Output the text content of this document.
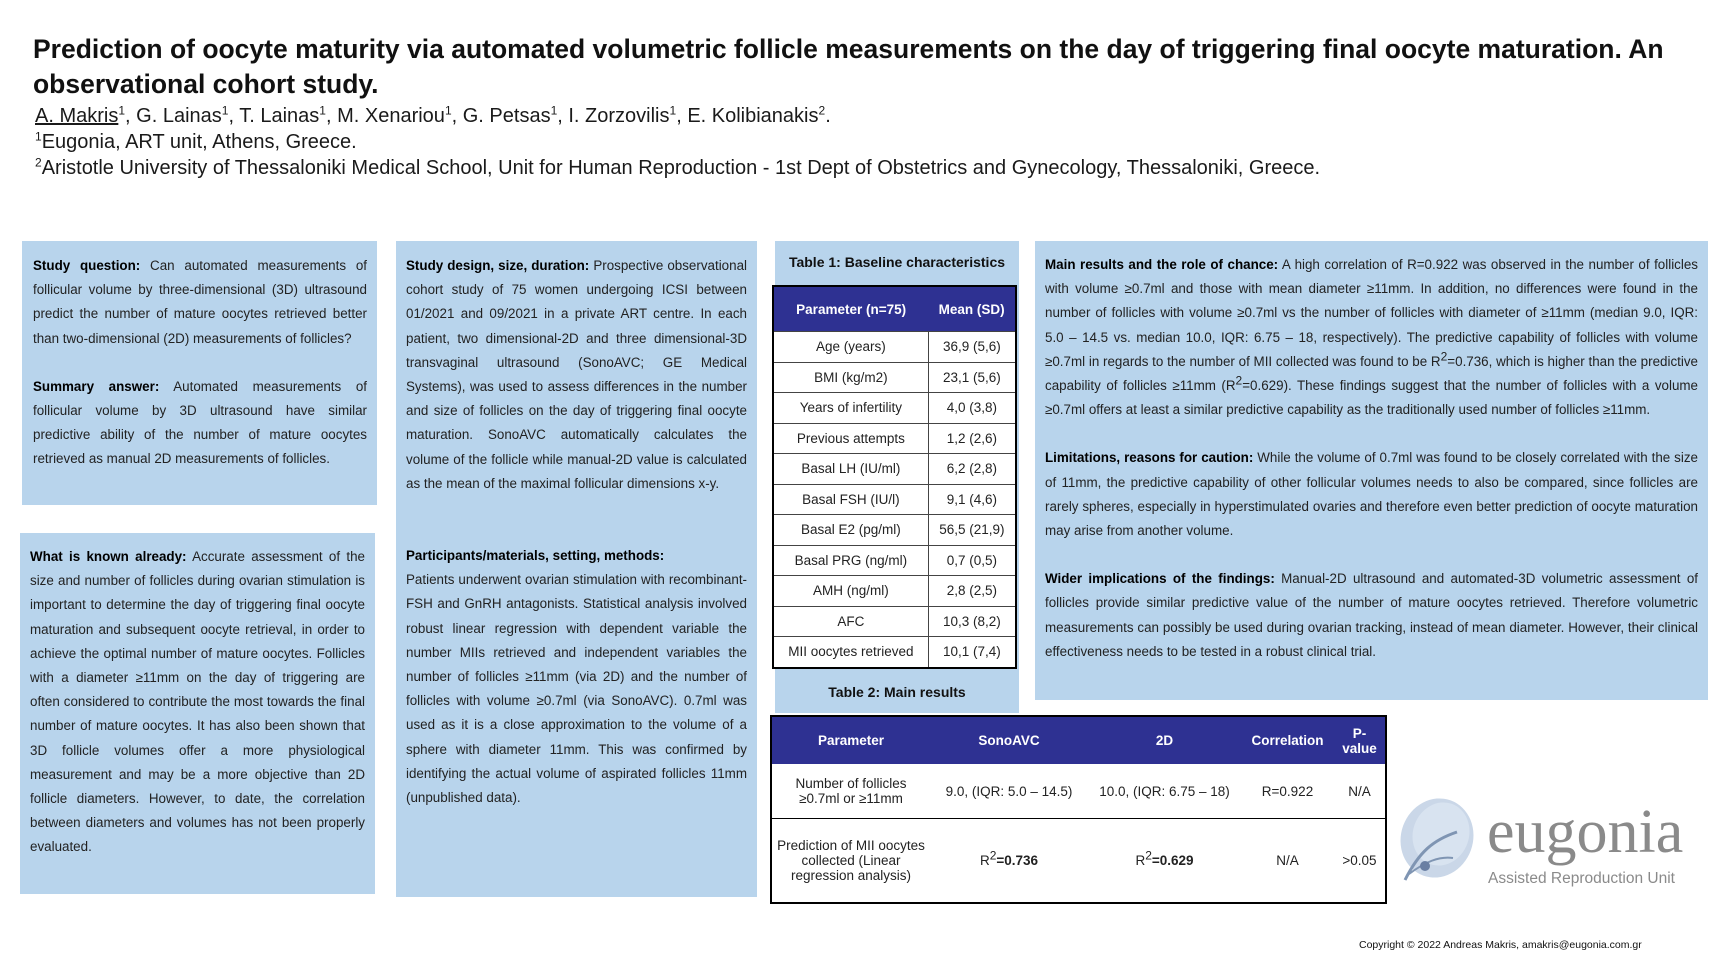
Prediction of oocyte maturity via automated volumetric follicle measurements on the day of triggering final oocyte maturation. An observational cohort study.
A. Makris$^1$, G. Lainas$^1$, T. Lainas$^1$, M. Xenariou$^1$, G. Petsas$^1$, I. Zorzovilis$^1$, E. Kolibianakis$^2$.
$^1$Eugonia, ART unit, Athens, Greece.
$^2$Aristotle University of Thessaloniki Medical School, Unit for Human Reproduction - 1st Dept of Obstetrics and Gynecology, Thessaloniki, Greece.

Study question: Can automated measurements of follicular volume by three-dimensional (3D) ultrasound predict the number of mature oocytes retrieved better than two-dimensional (2D) measurements of follicles?

Summary answer: Automated measurements of follicular volume by 3D ultrasound have similar predictive ability of the number of mature oocytes retrieved as manual 2D measurements of follicles.

What is known already: Accurate assessment of the size and number of follicles during ovarian stimulation is important to determine the day of triggering final oocyte maturation and subsequent oocyte retrieval, in order to achieve the optimal number of mature oocytes. Follicles with a diameter ≥11mm on the day of triggering are often considered to contribute the most towards the final number of mature oocytes. It has also been shown that 3D follicle volumes offer a more physiological measurement and may be a more objective than 2D follicle diameters. However, to date, the correlation between diameters and volumes has not been properly evaluated.

Study design, size, duration: Prospective observational cohort study of 75 women undergoing ICSI between 01/2021 and 09/2021 in a private ART centre. In each patient, two dimensional-2D and three dimensional-3D transvaginal ultrasound (SonoAVC; GE Medical Systems), was used to assess differences in the number and size of follicles on the day of triggering final oocyte maturation. SonoAVC automatically calculates the volume of the follicle while manual-2D value is calculated as the mean of the maximal follicular dimensions x-y.

Participants/materials, setting, methods:

Patients underwent ovarian stimulation with recombinant-FSH and GnRH antagonists. Statistical analysis involved robust linear regression with dependent variable the number MIIs retrieved and independent variables the number of follicles ≥11mm (via 2D) and the number of follicles with volume ≥0.7ml (via SonoAVC). 0.7ml was used as it is a close approximation to the volume of a sphere with diameter 11mm. This was confirmed by identifying the actual volume of aspirated follicles 11mm (unpublished data).

Table 1: Baseline characteristics
Parameter (n=75)	Mean (SD)
Age (years)	36,9 (5,6)
BMI (kg/m2)	23,1 (5,6)
Years of infertility	4,0 (3,8)
Previous attempts	1,2 (2,6)
Basal LH (IU/ml)	6,2 (2,8)
Basal FSH (IU/l)	9,1 (4,6)
Basal E2 (pg/ml)	56,5 (21,9)
Basal PRG (ng/ml)	0,7 (0,5)
AMH (ng/ml)	2,8 (2,5)
AFC	10,3 (8,2)
MII oocytes retrieved	10,1 (7,4)
Table 2: Main results
Parameter	SonoAVC	2D	Correlation	P- value
Number of follicles ≥0.7ml or ≥11mm	9.0, (IQR: 5.0 – 14.5)	10.0, (IQR: 6.75 – 18)	R=0.922	N/A
Prediction of MII oocytes collected (Linear regression analysis)	$R^2=0.736$	$R^2=0.629$	N/A	>0.05

Main results and the role of chance: A high correlation of R=0.922 was observed in the number of follicles with volume ≥0.7ml and those with mean diameter ≥11mm. In addition, no differences were found in the number of follicles with volume ≥0.7ml vs the number of follicles with diameter of ≥11mm (median 9.0, IQR: 5.0 – 14.5 vs. median 10.0, IQR: 6.75 – 18, respectively). The predictive capability of follicles with volume ≥0.7ml in regards to the number of MII collected was found to be $R^2=0.736$, which is higher than the predictive capability of follicles ≥11mm $(R^2=0.629)$. These findings suggest that the number of follicles with a volume ≥0.7ml offers at least a similar predictive capability as the traditionally used number of follicles ≥11mm.

Limitations, reasons for caution: While the volume of 0.7ml was found to be closely correlated with the size of 11mm, the predictive capability of other follicular volumes needs to also be compared, since follicles are rarely spheres, especially in hyperstimulated ovaries and therefore even better prediction of oocyte maturation may arise from another volume.

Wider implications of the findings: Manual-2D ultrasound and automated-3D volumetric assessment of follicles provide similar predictive value of the number of mature oocytes retrieved. Therefore volumetric measurements can possibly be used during ovarian tracking, instead of mean diameter. However, their clinical effectiveness needs to be tested in a robust clinical trial.

eugonia
Assisted Reproduction Unit
Copyright © 2022 Andreas Makris, amakris@eugonia.com.gr
